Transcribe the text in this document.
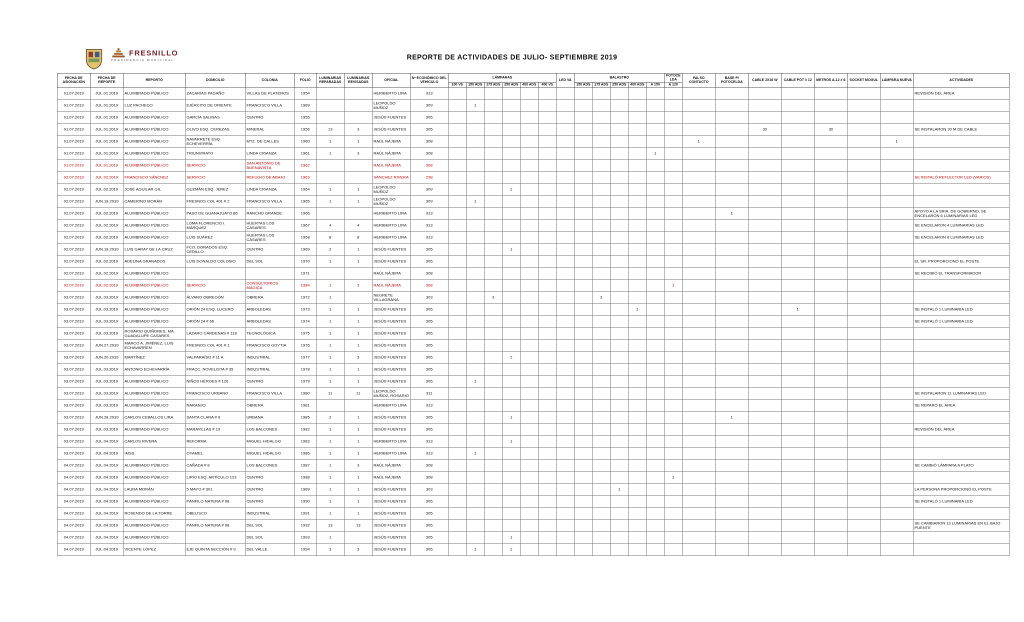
FRESNILLO
PRESIDENCIA MUNICIPAL	REPORTE DE ACTIVIDADES DE JULIO- SEPTIEMBRE 2019
FECHA DE ASIGNACIÓN	FECHA DE REPORTE	REPORTÓ	DOMICILIO	COLONIA	FOLIO	LUMINARIAS REPARADAS	LUMINARIAS REVISADAS	OFICIAL	Nº ECONÓMICO DEL VEHÍCULO	LÁMPARAS						LED VA	BALASTRO					FOTOCELDA	FALSO CONTACTO	BASE P/ FOTOCELDA	CABLE 2X16 W	CABLE POT # 12	METROS A-12 # 6	SOCKET MOGUL	LÁMPARA NUEVA	ACTIVIDADES
										100 VS	150 ADS	175 ADS	250 ADS	400 ADS	400 VS		150 ADS	175 ADS	250 ADS	400 ADS	A 150	A 120								
01.07.2019	JUL.01.2019	ALUMBRADO PÚBLICO	ZACARÍAS PAGAÑO	VILLAS DE PLATEROS	1954			HERIBERTO LIRA	313																					REVISIÓN DEL ÁREA
01.07.2019	JUL.01.2019	LUZ PACHECO	EJÉRCITO DE ORIENTE	FRANCISCO VILLA	1989			LEOPOLDO MUÑOZ	309		1																			
01.07.2019	JUL.01.2019	ALUMBRADO PÚBLICO	GARCÍA SALINAS	CENTRO	1955			JESÚS FUENTES	305																					
01.07.2019	JUL.01.2019	ALUMBRADO PÚBLICO	OLIVO ESQ. CEREZAS	MINERAL	1956	13	3	JESÚS FUENTES	305																30		30			SE INSTALARON 30 M DE CABLE
01.07.2019	JUL.01.2019	ALUMBRADO PÚBLICO	NAVARRETE ESQ. ECHEVERRÍA	MTZ. DE CALLES	1960	1	1	RAÚL NÁJERA	308														1						1	
01.07.2019	JUL.01.2019	ALUMBRADO PÚBLICO	TRIUNVIRATO	LINDA CRIANZA	1961	1	3	RAÚL NÁJERA	308												1									
01.07.2019	JUL.01.2019	ALUMBRADO PÚBLICO	SERVICIO	SAN ANTONIO DE BUENAVISTA	1962			RAÚL NÁJERA	308																					
02.07.2019	JUL.02.2019	FRANCISCO SÁNCHEZ	SERVICIO	REFUGIO DE ABAJO	1963			SÁNCHEZ RIVERA	298																					SE INSTALÓ REFLECTOR LED (VARIOS)
02.07.2019	JUL.02.2019	JOSÉ AGUILAR GIL	GUZMÁN ESQ. JEREZ	LINDA CRIANZA	1964	1	1	LEOPOLDO MUÑOZ	309				1																	
02.07.2019	JUN.19.2019	CAMERINO MORÁN	FRESNOS COL 401 # 2	FRANCISCO VILLA	1965	1	1	LEOPOLDO MUÑOZ	309		1																			
02.07.2019	JUL.02.2019	ALUMBRADO PÚBLICO	PASO DE GUANAJUATO 86	RANCHO GRANDE	1966			HERIBERTO LIRA	313															1						APOYO A LA SRIA. DE GOBIERNO, SE ENCELARON 6 LUMINARIAS LED
02.07.2019	JUL.02.2019	ALUMBRADO PÚBLICO	LOMA FLORENCIO I. MÁRQUEZ	HUERTAS LOS CASARES	1967	4	4	HERIBERTO LIRA	313																					SE ENCELARON 4 LUMINARIAS LED
02.07.2019	JUL.02.2019	ALUMBRADO PÚBLICO	LUIS SUÁREZ	HUERTAS LOS CASARES	1968	8	8	HERIBERTO LIRA	313																					SE ENCELARON 8 LUMINARIAS LED
02.07.2019	JUN.19.2019	LUIS GARAY DE LA CRUZ	FCO. DORADOS ESQ. CEDILLO	CENTRO	1969	2	1	JESÚS FUENTES	305				1																	
02.07.2019	JUL.02.2019	ADELINA GRANADOS	LUIS DONALDO COLOSIO	DEL SOL	1970	1	1	JESÚS FUENTES	305																					EL SR. PROPORCIONÓ EL POSTE
02.07.2019	JUL.02.2019	ALUMBRADO PÚBLICO			1971			RAÚL NÁJERA	308																					SE RECIBIÓ EL TRANSFORMADOR
02.07.2019	JUL.02.2019	ALUMBRADO PÚBLICO	SERVICIO	CONSULTORIOS MÁGICA	1984	1	3	RAÚL NÁJERA	308													1								
03.07.2019	JUL.03.2019	ALUMBRADO PÚBLICO	ÁLVARO OBREGÓN	OBRERA	1972	1		NEGRETE VILLAGRANA	303			3						3												
03.07.2019	JUL.03.2019	ALUMBRADO PÚBLICO	ORIÓN 24 ESQ. LUCERO	ARBOLEDAS	1973	1	1	JESÚS FUENTES	305											1						1				SE INSTALÓ 1 LUMINARIA LED
03.07.2019	JUL.03.2019	ALUMBRADO PÚBLICO	ORIÓN 24 # 66	ARBOLEDAS	1974	1	1	JESÚS FUENTES	305																					SE INSTALÓ 1 LUMINARIA LED
03.07.2019	JUL.03.2019	ROSARIO QUIÑONES, MA. GUADALUPE CASARES	LÁZARO CÁRDENAS # 118	TECNOLÓGICA	1975	1	1	JESÚS FUENTES	305																					
03.07.2019	JUN.27.2019	MARCO A. JIMÉNEZ, LUIS ECHAVARREN	FRESNOS COL 401 # 1	FRANCISCO GOYTIA	1976	1	1	JESÚS FUENTES	305																					
03.07.2019	JUN.20.2019	MARTÍNEZ	VALPARAÍSO # 11 A	INDUSTRIAL	1977	1	3	JESÚS FUENTES	305				2																	
03.07.2019	JUL.03.2019	ANTONIO ECHEVARRÍA	FRACC. NOVELISTA # 35	INDUSTRIAL	1978	1	1	JESÚS FUENTES	305																					
03.07.2019	JUL.03.2019	ALUMBRADO PÚBLICO	NIÑOS HÉROES # 126	CENTRO	1979	1	1	JESÚS FUENTES	305		1																			
03.07.2019	JUL.03.2019	ALUMBRADO PÚBLICO	FRANCISCO URBANO	FRANCISCO VILLA	1980	11	11	LEOPOLDO MUÑOZ, ROSARIO	311																					SE INSTALARON 11 LUMINARIAS LED
03.07.2019	JUL.03.2019	ALUMBRADO PÚBLICO	NARANJO	OBRERA	1981			HERIBERTO LIRA	313																					SE REPARÓ EL ÁREA
03.07.2019	JUN.28.2019	CARLOS CEBALLOS LIRA	SANTA CLARA # 9	URBANA	1985	2	1	JESÚS FUENTES	305				1											1						
03.07.2019	JUL.03.2019	ALUMBRADO PÚBLICO	MARAVILLAS # 19	LOS BALCONES	1982	1	1	JESÚS FUENTES	305																					REVISIÓN DEL ÁREA
03.07.2019	JUL.04.2019	CARLOS RIVERA	REFORMA	MIGUEL HIDALGO	1983	1	1	HERIBERTO LIRA	313				1																	
03.07.2019	JUL.04.2019	IMSS	OYAMEL	MIGUEL HIDALGO	1986	1	1	HERIBERTO LIRA	313		1																			
04.07.2019	JUL.04.2019	ALUMBRADO PÚBLICO	CAÑADA # 8	LOS BALCONES	1987	1	3	RAÚL NÁJERA	308																					SE CAMBIÓ LÁMPARA A PLATO
04.07.2019	JUL.04.2019	ALUMBRADO PÚBLICO	LIRIO ESQ. ARTÍCULO 123	CENTRO	1988	1	1	RAÚL NÁJERA	308													1								
04.07.2019	JUL.04.2019	LAURA MORÁN	5 MAYO # 301	CENTRO	1989	1	1	JESÚS FUENTES	303										1											LA PERSONA PROPORCIONÓ EL POSTE
04.07.2019	JUL.04.2019	ALUMBRADO PÚBLICO	PÁNFILO NATERA # 98	CENTRO	1990	1	1	JESÚS FUENTES	305																					SE INSTALÓ 1 LUMINARIA LED
04.07.2019	JUL.04.2019	ROSENDO DE LA TORRE	OBELISCO	INDUSTRIAL	1991	1	1	JESÚS FUENTES	305																					
04.07.2019	JUL.04.2019	ALUMBRADO PÚBLICO	PÁNFILO NATERA # 98	DEL SOL	1992	13	13	JESÚS FUENTES	305																					SE CAMBIARON 13 LUMINARIAS EN EL BAJO PUENTE
04.07.2019	JUL.04.2019	ALUMBRADO PÚBLICO		DEL SOL	1993	1		JESÚS FUENTES	305				1																	
04.07.2019	JUL.04.2019	VICENTE LÓPEZ	EJE QUINTA SECCIÓN # 9	DEL VALLE	1994	3	3	JESÚS FUENTES	305		1		1																	
